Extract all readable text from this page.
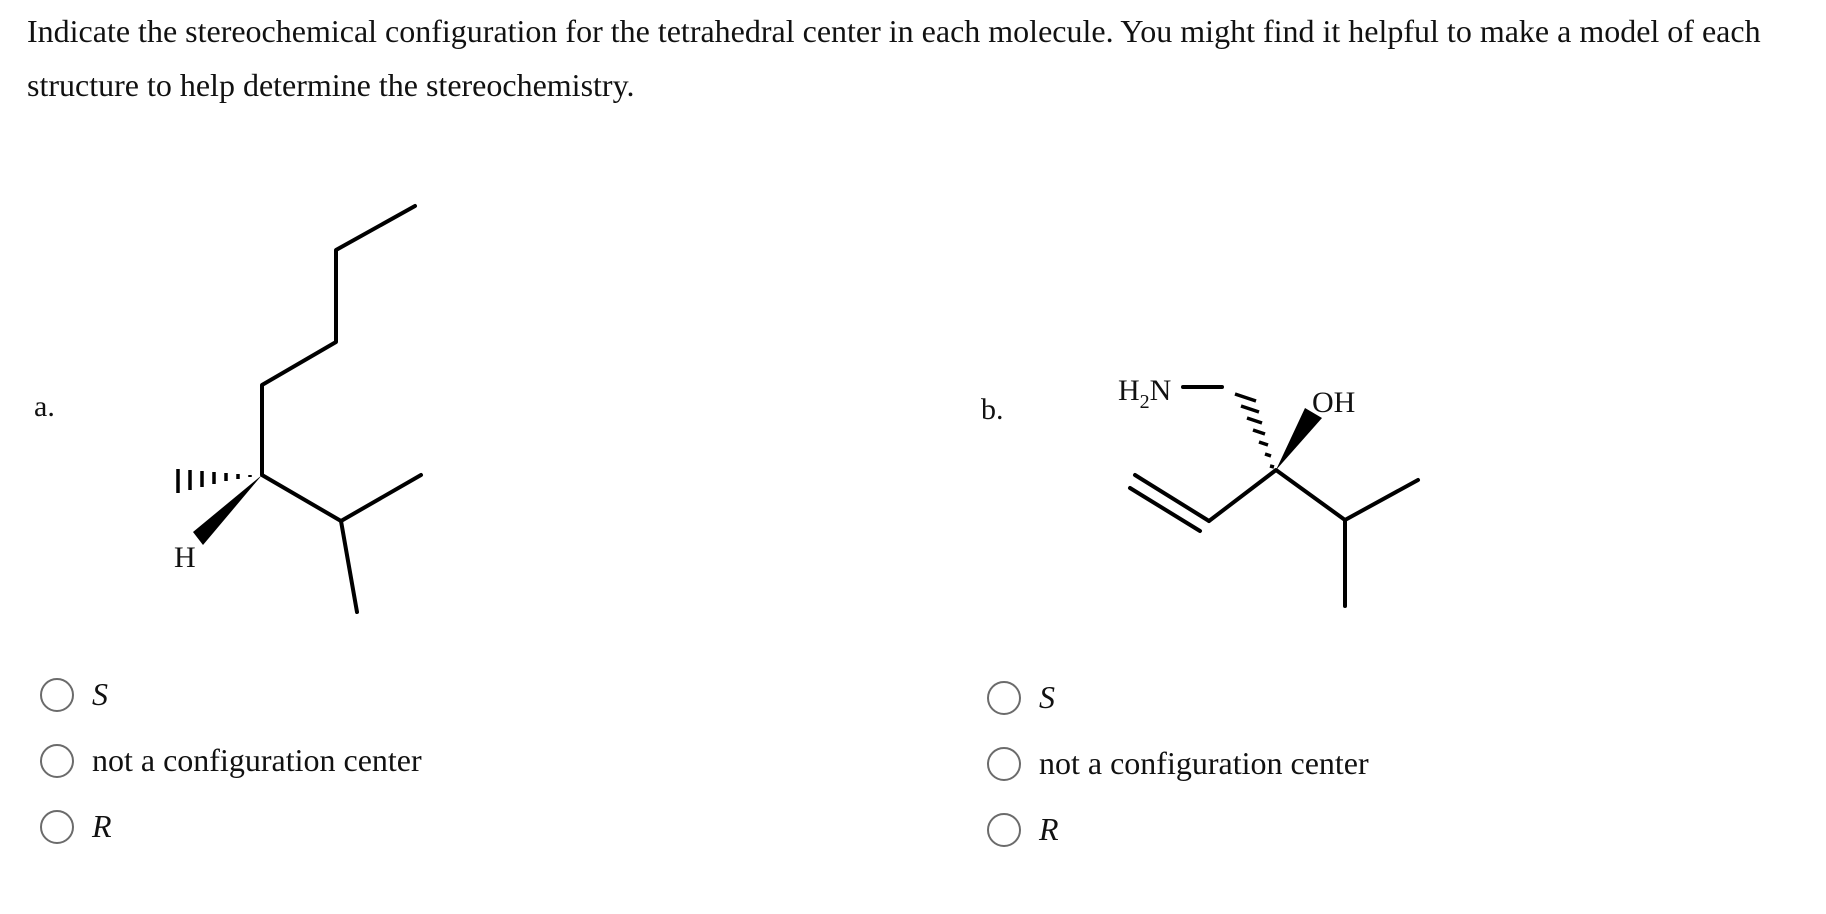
Indicate the stereochemical configuration for the tetrahedral center in each molecule. You might find it helpful to make a model of each structure to help determine the stereochemistry.
a.
H
S
not a configuration center
R
b.
$H_2N$	OH
S
not a configuration center
R
